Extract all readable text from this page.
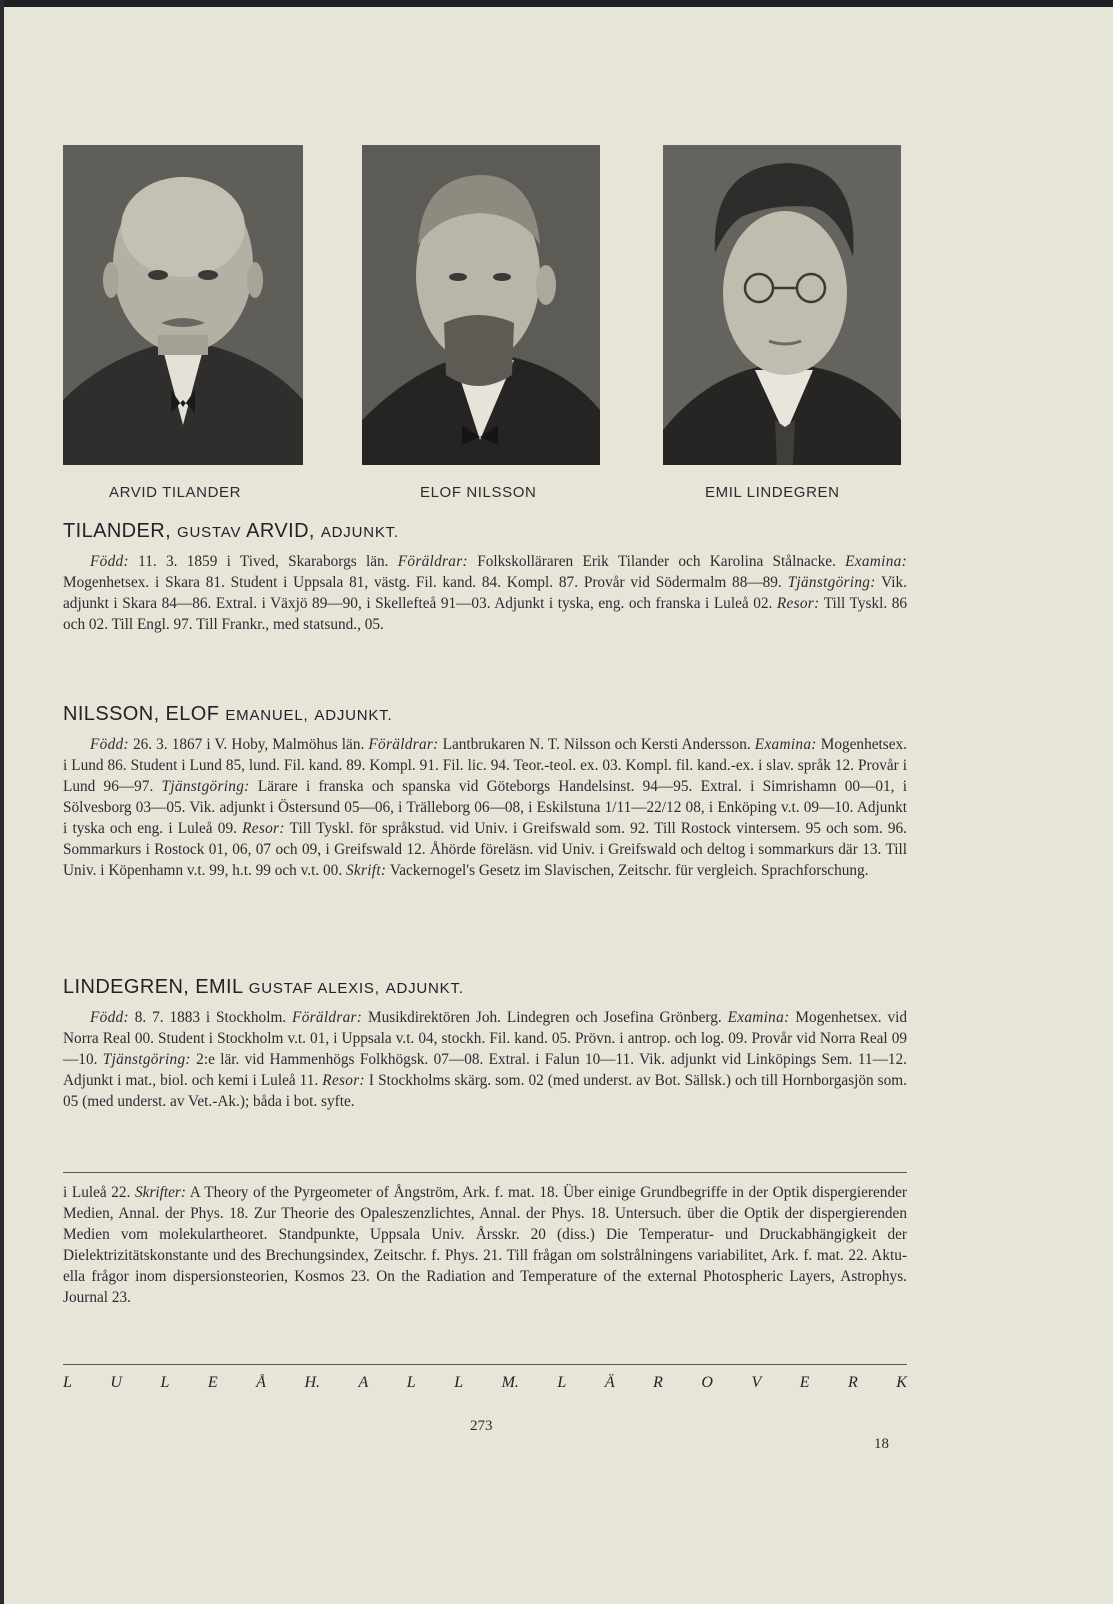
ARVID TILANDER	ELOF NILSSON	EMIL LINDEGREN
TILANDER, GUSTAV ARVID, ADJUNKT.

Född: 11. 3. 1859 i Tived, Skaraborgs län. Föräldrar: Folkskolläraren Erik Tilander och Karolina Stålnacke. Examina: Mogenhetsex. i Skara 81. Student i Uppsala 81, västg. Fil. kand. 84. Kompl. 87. Provår vid Södermalm 88—89. Tjänstgöring: Vik. adjunkt i Skara 84—86. Extral. i Växjö 89—90, i Skellefteå 91—03. Adjunkt i tyska, eng. och franska i Luleå 02. Resor: Till Tyskl. 86 och 02. Till Engl. 97. Till Frankr., med statsund., 05.

NILSSON, ELOF EMANUEL, ADJUNKT.

Född: 26. 3. 1867 i V. Hoby, Malmöhus län. Föräldrar: Lantbrukaren N. T. Nilsson och Kersti Andersson. Examina: Mogenhetsex. i Lund 86. Student i Lund 85, lund. Fil. kand. 89. Kompl. 91. Fil. lic. 94. Teor.-teol. ex. 03. Kompl. fil. kand.-ex. i slav. språk 12. Provår i Lund 96—97. Tjänstgöring: Lärare i franska och spanska vid Göteborgs Handelsinst. 94—95. Extral. i Simrishamn 00—01, i Sölvesborg 03—05. Vik. adjunkt i Östersund 05—06, i Trälleborg 06—08, i Eskilstuna 1/11—22/12 08, i Enköping v.t. 09—10. Adjunkt i tyska och eng. i Luleå 09. Resor: Till Tyskl. för språkstud. vid Univ. i Greifswald som. 92. Till Rostock vintersem. 95 och som. 96. Sommarkurs i Rostock 01, 06, 07 och 09, i Greifswald 12. Åhörde föreläsn. vid Univ. i Greifswald och deltog i sommarkurs där 13. Till Univ. i Köpenhamn v.t. 99, h.t. 99 och v.t. 00. Skrift: Vackernogel's Gesetz im Slavischen, Zeitschr. für vergleich. Sprachforschung.

LINDEGREN, EMIL GUSTAF ALEXIS, ADJUNKT.

Född: 8. 7. 1883 i Stockholm. Föräldrar: Musikdirektören Joh. Lindegren och Josefina Grönberg. Examina: Mogenhetsex. vid Norra Real 00. Student i Stockholm v.t. 01, i Uppsala v.t. 04, stockh. Fil. kand. 05. Prövn. i antrop. och log. 09. Provår vid Norra Real 09—10. Tjänstgöring: 2:e lär. vid Hammenhögs Folkhögsk. 07—08. Extral. i Falun 10—11. Vik. adjunkt vid Linköpings Sem. 11—12. Adjunkt i mat., biol. och kemi i Luleå 11. Resor: I Stockholms skärg. som. 02 (med underst. av Bot. Sällsk.) och till Hornborgasjön som. 05 (med underst. av Vet.-Ak.); båda i bot. syfte.

i Luleå 22. Skrifter: A Theory of the Pyrgeometer of Ångström, Ark. f. mat. 18. Über einige Grundbegriffe in der Optik dispergierender Medien, Annal. der Phys. 18. Zur Theorie des Opaleszenzlichtes, Annal. der Phys. 18. Untersuch. über die Optik der dispergierenden Medien vom molekulartheoret. Standpunkte, Uppsala Univ. Årsskr. 20 (diss.) Die Temperatur- und Druckabhängigkeit der Dielektrizitätskonstante und des Brechungsindex, Zeitschr. f. Phys. 21. Till frågan om solstrålningens variabilitet, Ark. f. mat. 22. Aktuella frågor inom dispersionsteorien, Kosmos 23. On the Radiation and Temperature of the external Photospheric Layers, Astrophys. Journal 23.

L U L E Å H. A L L M. L Ä R O V E R K
273
18
